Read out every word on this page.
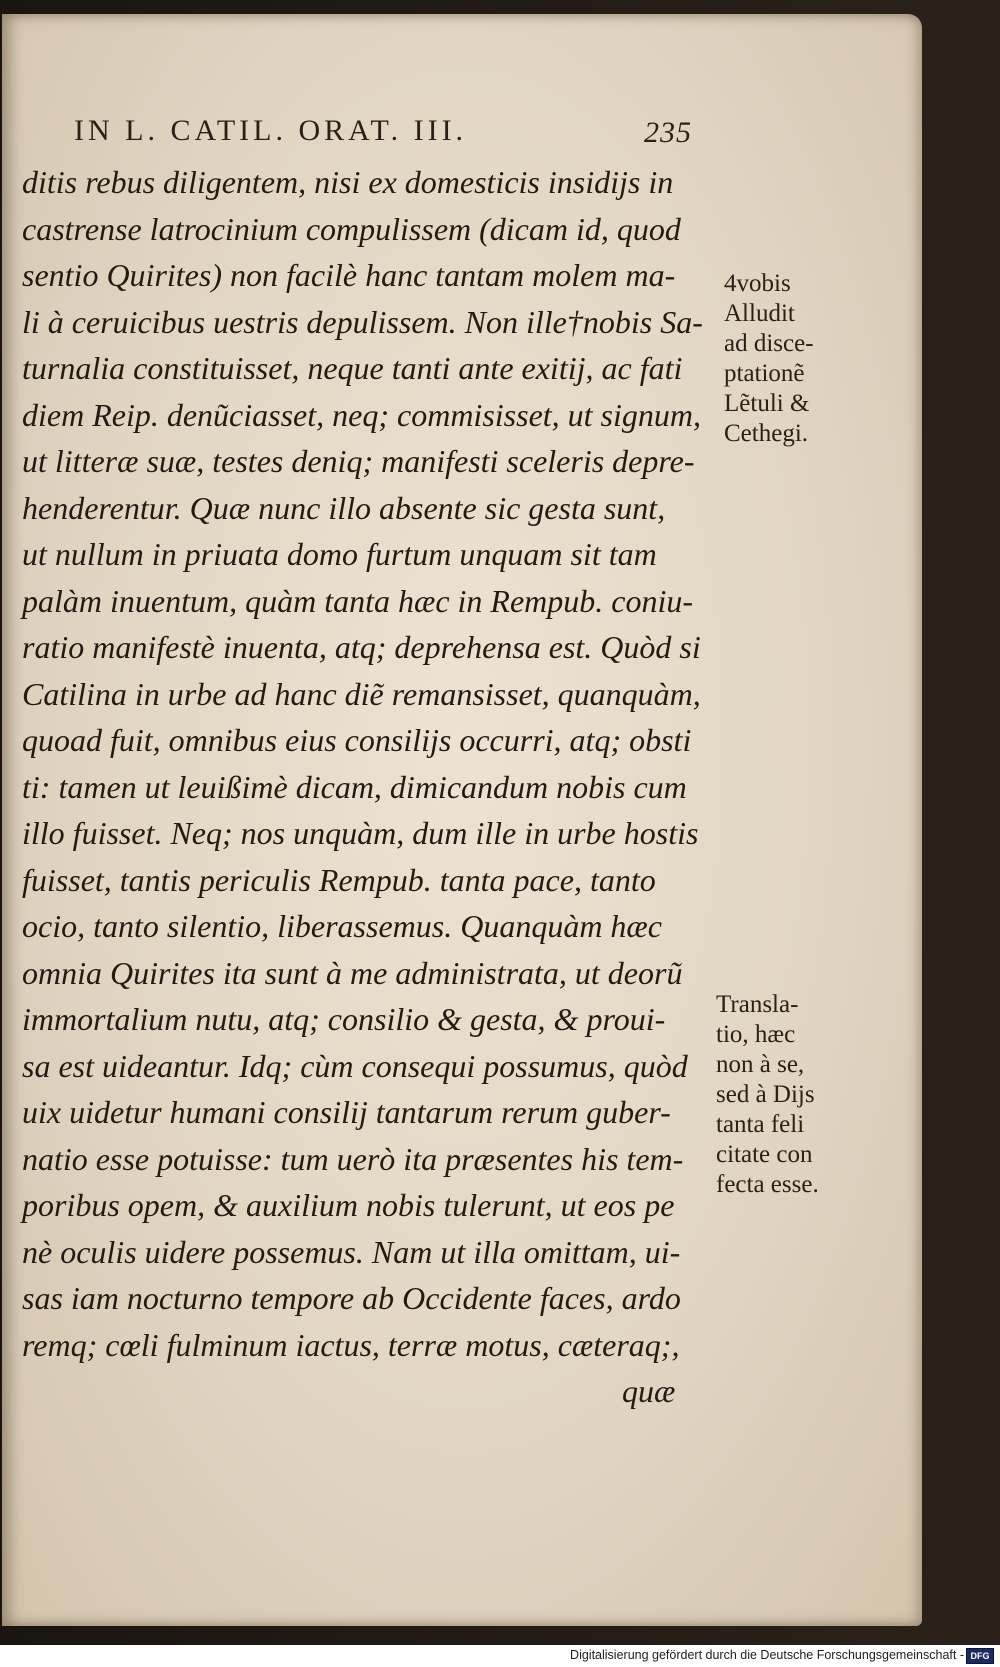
IN L. CATIL. ORAT. III.	235
ditis rebus diligentem, nisi ex domesticis insidijs in
castrense latrocinium compulissem (dicam id, quod
sentio Quirites) non facilè hanc tantam molem ma-
li à ceruicibus uestris depulissem. Non ille†nobis Sa-
turnalia constituisset, neque tanti ante exitij, ac fati
diem Reip. denũciasset, neq; commisisset, ut signum,
ut litteræ suæ, testes deniq; manifesti sceleris depre-
henderentur. Quæ nunc illo absente sic gesta sunt,
ut nullum in priuata domo furtum unquam sit tam
palàm inuentum, quàm tanta hæc in Rempub. coniu-
ratio manifestè inuenta, atq; deprehensa est. Quòd si
Catilina in urbe ad hanc diẽ remansisset, quanquàm,
quoad fuit, omnibus eius consilijs occurri, atq; obsti
ti: tamen ut leuißimè dicam, dimicandum nobis cum
illo fuisset. Neq; nos unquàm, dum ille in urbe hostis
fuisset, tantis periculis Rempub. tanta pace, tanto
ocio, tanto silentio, liberassemus. Quanquàm hæc
omnia Quirites ita sunt à me administrata, ut deorũ
immortalium nutu, atq; consilio & gesta, & proui-
sa est uideantur. Idq; cùm consequi possumus, quòd
uix uidetur humani consilij tantarum rerum guber-
natio esse potuisse: tum uerò ita præsentes his tem-
poribus opem, & auxilium nobis tulerunt, ut eos pe
nè oculis uidere possemus. Nam ut illa omittam, ui-
sas iam nocturno tempore ab Occidente faces, ardo
remq; cœli fulminum iactus, terræ motus, cæteraq;,
quæ
4vobis
Alludit
ad disce-
ptationẽ
Lẽtuli &
Cethegi.
Transla-
tio, hæc
non à se,
sed à Dijs
tanta feli
citate con
fecta esse.
Digitalisierung gefördert durch die Deutsche Forschungsgemeinschaft - DFG
